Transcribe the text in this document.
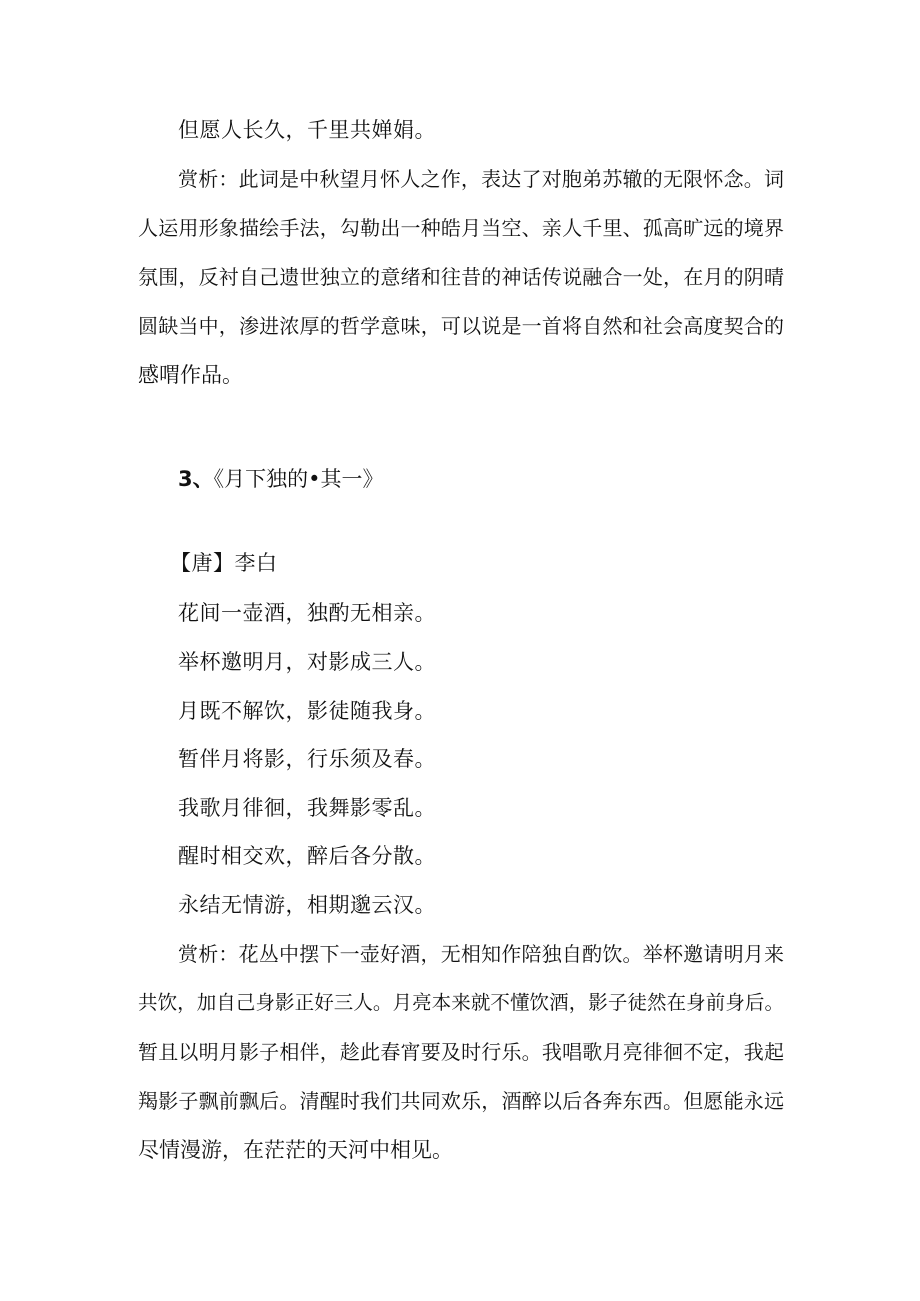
但愿人长久，千里共婵娟。
赏析：此词是中秋望月怀人之作，表达了对胞弟苏辙的无限怀念。词
人运用形象描绘手法，勾勒出一种皓月当空、亲人千里、孤高旷远的境界
氛围，反衬自己遗世独立的意绪和往昔的神话传说融合一处，在月的阴晴
圆缺当中，渗进浓厚的哲学意味，可以说是一首将自然和社会高度契合的
感喟作品。
3、《月下独的•其一》
【唐】李白
花间一壶酒，独酌无相亲。
举杯邀明月，对影成三人。
月既不解饮，影徒随我身。
暂伴月将影，行乐须及春。
我歌月徘徊，我舞影零乱。
醒时相交欢，醉后各分散。
永结无情游，相期邈云汉。
赏析：花丛中摆下一壶好酒，无相知作陪独自酌饮。举杯邀请明月来
共饮，加自己身影正好三人。月亮本来就不懂饮酒，影子徒然在身前身后。
暂且以明月影子相伴，趁此春宵要及时行乐。我唱歌月亮徘徊不定，我起
羯影子飘前飘后。清醒时我们共同欢乐，酒醉以后各奔东西。但愿能永远
尽情漫游，在茫茫的天河中相见。
